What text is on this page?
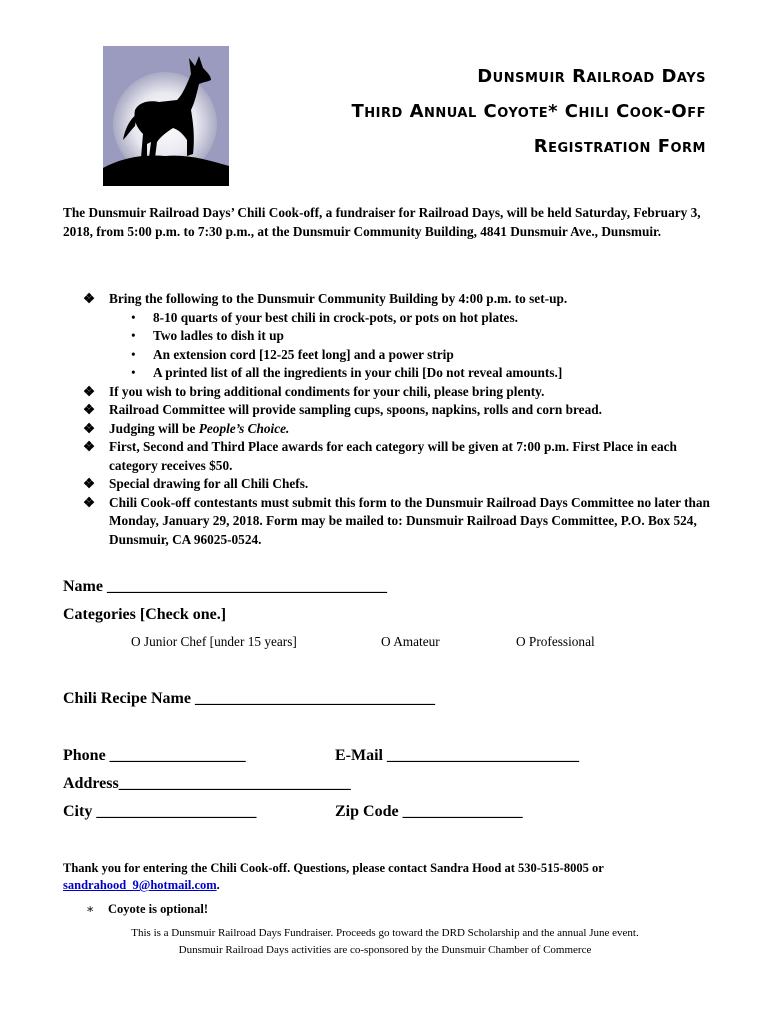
Dunsmuir Railroad Days
Third Annual Coyote* Chili Cook-Off
Registration Form

The Dunsmuir Railroad Days’ Chili Cook-off, a fundraiser for Railroad Days, will be held Saturday, February 3, 2018, from 5:00 p.m. to 7:30 p.m., at the Dunsmuir Community Building, 4841 Dunsmuir Ave., Dunsmuir.

❖ Bring the following to the Dunsmuir Community Building by 4:00 p.m. to set-up.
• 8-10 quarts of your best chili in crock-pots, or pots on hot plates.
• Two ladles to dish it up
• An extension cord [12-25 feet long] and a power strip
• A printed list of all the ingredients in your chili [Do not reveal amounts.]
❖ If you wish to bring additional condiments for your chili, please bring plenty.
❖ Railroad Committee will provide sampling cups, spoons, napkins, rolls and corn bread.
❖ Judging will be People’s Choice.
❖ First, Second and Third Place awards for each category will be given at 7:00 p.m. First Place in each category receives $50.
❖ Special drawing for all Chili Chefs.
❖ Chili Cook-off contestants must submit this form to the Dunsmuir Railroad Days Committee no later than Monday, January 29, 2018. Form may be mailed to: Dunsmuir Railroad Days Committee, P.O. Box 524, Dunsmuir, CA 96025-0524.
Name ___________________________________
Categories [Check one.]
O Junior Chef [under 15 years]	O Amateur	O Professional
Chili Recipe Name ______________________________
Phone _________________	E-Mail ________________________
Address_____________________________
City ____________________	Zip Code _______________
Thank you for entering the Chili Cook-off. Questions, please contact Sandra Hood at 530-515-8005 or
sandrahood_9@hotmail.com.
∗ Coyote is optional!
This is a Dunsmuir Railroad Days Fundraiser. Proceeds go toward the DRD Scholarship and the annual June event.
Dunsmuir Railroad Days activities are co-sponsored by the Dunsmuir Chamber of Commerce
